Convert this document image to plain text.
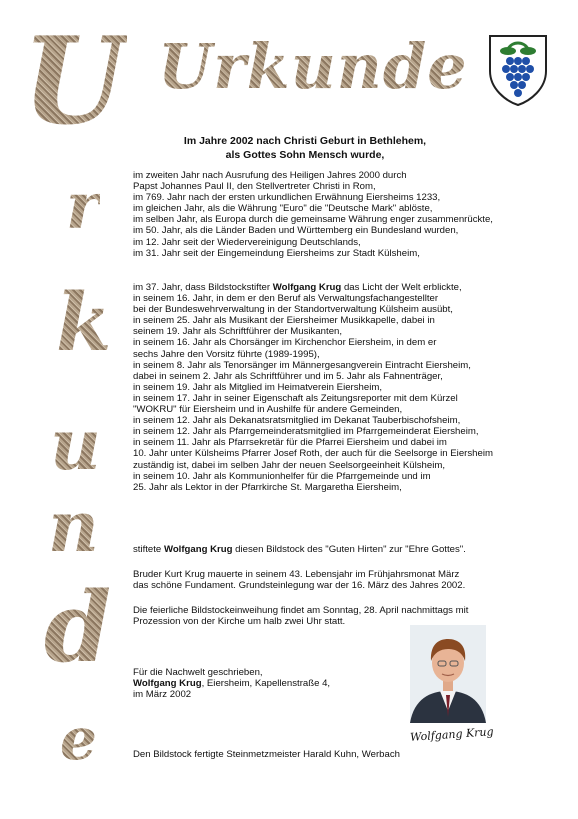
U
r
k
u
n
d
e
Urkunde
Im Jahre 2002 nach Christi Geburt in Bethlehem,
als Gottes Sohn Mensch wurde,
im zweiten Jahr nach Ausrufung des Heiligen Jahres 2000 durch
Papst Johannes Paul II, den Stellvertreter Christi in Rom,
im 769. Jahr nach der ersten urkundlichen Erwähnung Eiersheims 1233,
im gleichen Jahr, als die Währung "Euro" die "Deutsche Mark" ablöste,
im selben Jahr, als Europa durch die gemeinsame Währung enger zusammenrückte,
im 50. Jahr, als die Länder Baden und Württemberg ein Bundesland wurden,
im 12. Jahr seit der Wiedervereinigung Deutschlands,
im 31. Jahr seit der Eingemeindung Eiersheims zur Stadt Külsheim,
im 37. Jahr, dass Bildstockstifter Wolfgang Krug das Licht der Welt erblickte,
in seinem 16. Jahr, in dem er den Beruf als Verwaltungsfachangestellter
bei der Bundeswehrverwaltung in der Standortverwaltung Külsheim ausübt,
in seinem 25. Jahr als Musikant der Eiersheimer Musikkapelle, dabei in
seinem 19. Jahr als Schriftführer der Musikanten,
in seinem 16. Jahr als Chorsänger im Kirchenchor Eiersheim, in dem er
sechs Jahre den Vorsitz führte (1989-1995),
in seinem 8. Jahr als Tenorsänger im Männergesangverein Eintracht Eiersheim,
dabei in seinem 2. Jahr als Schriftführer und im 5. Jahr als Fahnenträger,
in seinem 19. Jahr als Mitglied im Heimatverein Eiersheim,
in seinem 17. Jahr in seiner Eigenschaft als Zeitungsreporter mit dem Kürzel
"WOKRU" für Eiersheim und in Aushilfe für andere Gemeinden,
in seinem 12. Jahr als Dekanatsratsmitglied im Dekanat Tauberbischofsheim,
in seinem 12. Jahr als Pfarrgemeinderatsmitglied im Pfarrgemeinderat Eiersheim,
in seinem 11. Jahr als Pfarrsekretär für die Pfarrei Eiersheim und dabei im
10. Jahr unter Külsheims Pfarrer Josef Roth, der auch für die Seelsorge in Eiersheim
zuständig ist, dabei im selben Jahr der neuen Seelsorgeeinheit Külsheim,
in seinem 10. Jahr als Kommunionhelfer für die Pfarrgemeinde und im
25. Jahr als Lektor in der Pfarrkirche St. Margaretha Eiersheim,
stiftete Wolfgang Krug diesen Bildstock des "Guten Hirten" zur "Ehre Gottes".
Bruder Kurt Krug mauerte in seinem 43. Lebensjahr im Frühjahrsmonat März
das schöne Fundament. Grundsteinlegung war der 16. März des Jahres 2002.
Die feierliche Bildstockeinweihung findet am Sonntag, 28. April nachmittags mit
Prozession von der Kirche um halb zwei Uhr statt.
Für die Nachwelt geschrieben,
Wolfgang Krug, Eiersheim, Kapellenstraße 4,
im März 2002
Wolfgang Krug
Den Bildstock fertigte Steinmetzmeister Harald Kuhn, Werbach
